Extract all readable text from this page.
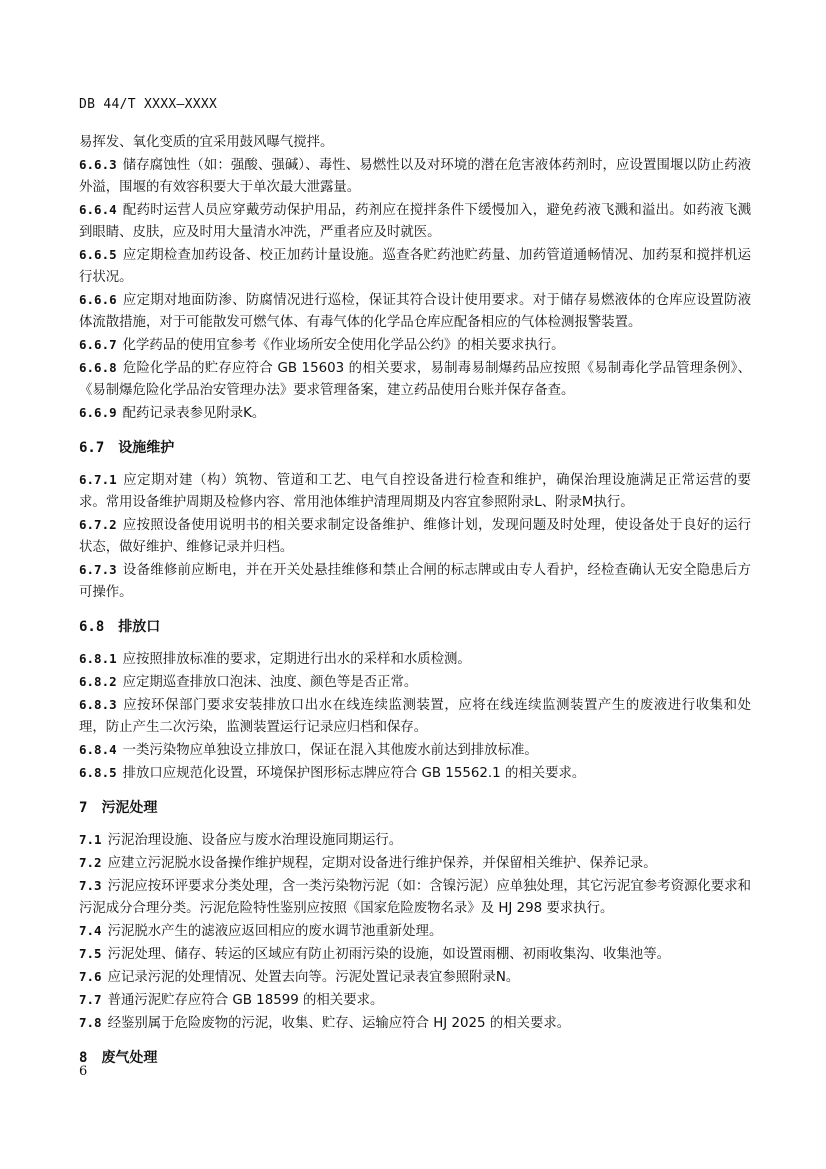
DB 44/T XXXX—XXXX

易挥发、氧化变质的宜采用鼓风曝气搅拌。

6.6.3 储存腐蚀性（如：强酸、强碱）、毒性、易燃性以及对环境的潜在危害液体药剂时，应设置围堰以防止药液外溢，围堰的有效容积要大于单次最大泄露量。

6.6.4 配药时运营人员应穿戴劳动保护用品，药剂应在搅拌条件下缓慢加入，避免药液飞溅和溢出。如药液飞溅到眼睛、皮肤，应及时用大量清水冲洗，严重者应及时就医。

6.6.5 应定期检查加药设备、校正加药计量设施。巡查各贮药池贮药量、加药管道通畅情况、加药泵和搅拌机运行状况。

6.6.6 应定期对地面防渗、防腐情况进行巡检，保证其符合设计使用要求。对于储存易燃液体的仓库应设置防液体流散措施，对于可能散发可燃气体、有毒气体的化学品仓库应配备相应的气体检测报警装置。

6.6.7 化学药品的使用宜参考《作业场所安全使用化学品公约》的相关要求执行。

6.6.8 危险化学品的贮存应符合 GB 15603 的相关要求，易制毒易制爆药品应按照《易制毒化学品管理条例》、《易制爆危险化学品治安管理办法》要求管理备案，建立药品使用台账并保存备查。

6.6.9 配药记录表参见附录K。

6.7 设施维护

6.7.1 应定期对建（构）筑物、管道和工艺、电气自控设备进行检查和维护，确保治理设施满足正常运营的要求。常用设备维护周期及检修内容、常用池体维护清理周期及内容宜参照附录L、附录M执行。

6.7.2 应按照设备使用说明书的相关要求制定设备维护、维修计划，发现问题及时处理，使设备处于良好的运行状态，做好维护、维修记录并归档。

6.7.3 设备维修前应断电，并在开关处悬挂维修和禁止合闸的标志牌或由专人看护，经检查确认无安全隐患后方可操作。

6.8 排放口

6.8.1 应按照排放标准的要求，定期进行出水的采样和水质检测。

6.8.2 应定期巡查排放口泡沫、浊度、颜色等是否正常。

6.8.3 应按环保部门要求安装排放口出水在线连续监测装置，应将在线连续监测装置产生的废液进行收集和处理，防止产生二次污染，监测装置运行记录应归档和保存。

6.8.4 一类污染物应单独设立排放口，保证在混入其他废水前达到排放标准。

6.8.5 排放口应规范化设置，环境保护图形标志牌应符合 GB 15562.1 的相关要求。

7 污泥处理

7.1 污泥治理设施、设备应与废水治理设施同期运行。

7.2 应建立污泥脱水设备操作维护规程，定期对设备进行维护保养，并保留相关维护、保养记录。

7.3 污泥应按环评要求分类处理，含一类污染物污泥（如：含镍污泥）应单独处理，其它污泥宜参考资源化要求和污泥成分合理分类。污泥危险特性鉴别应按照《国家危险废物名录》及 HJ 298 要求执行。

7.4 污泥脱水产生的滤液应返回相应的废水调节池重新处理。

7.5 污泥处理、储存、转运的区域应有防止初雨污染的设施，如设置雨棚、初雨收集沟、收集池等。

7.6 应记录污泥的处理情况、处置去向等。污泥处置记录表宜参照附录N。

7.7 普通污泥贮存应符合 GB 18599 的相关要求。

7.8 经鉴别属于危险废物的污泥，收集、贮存、运输应符合 HJ 2025 的相关要求。

8 废气处理
6
